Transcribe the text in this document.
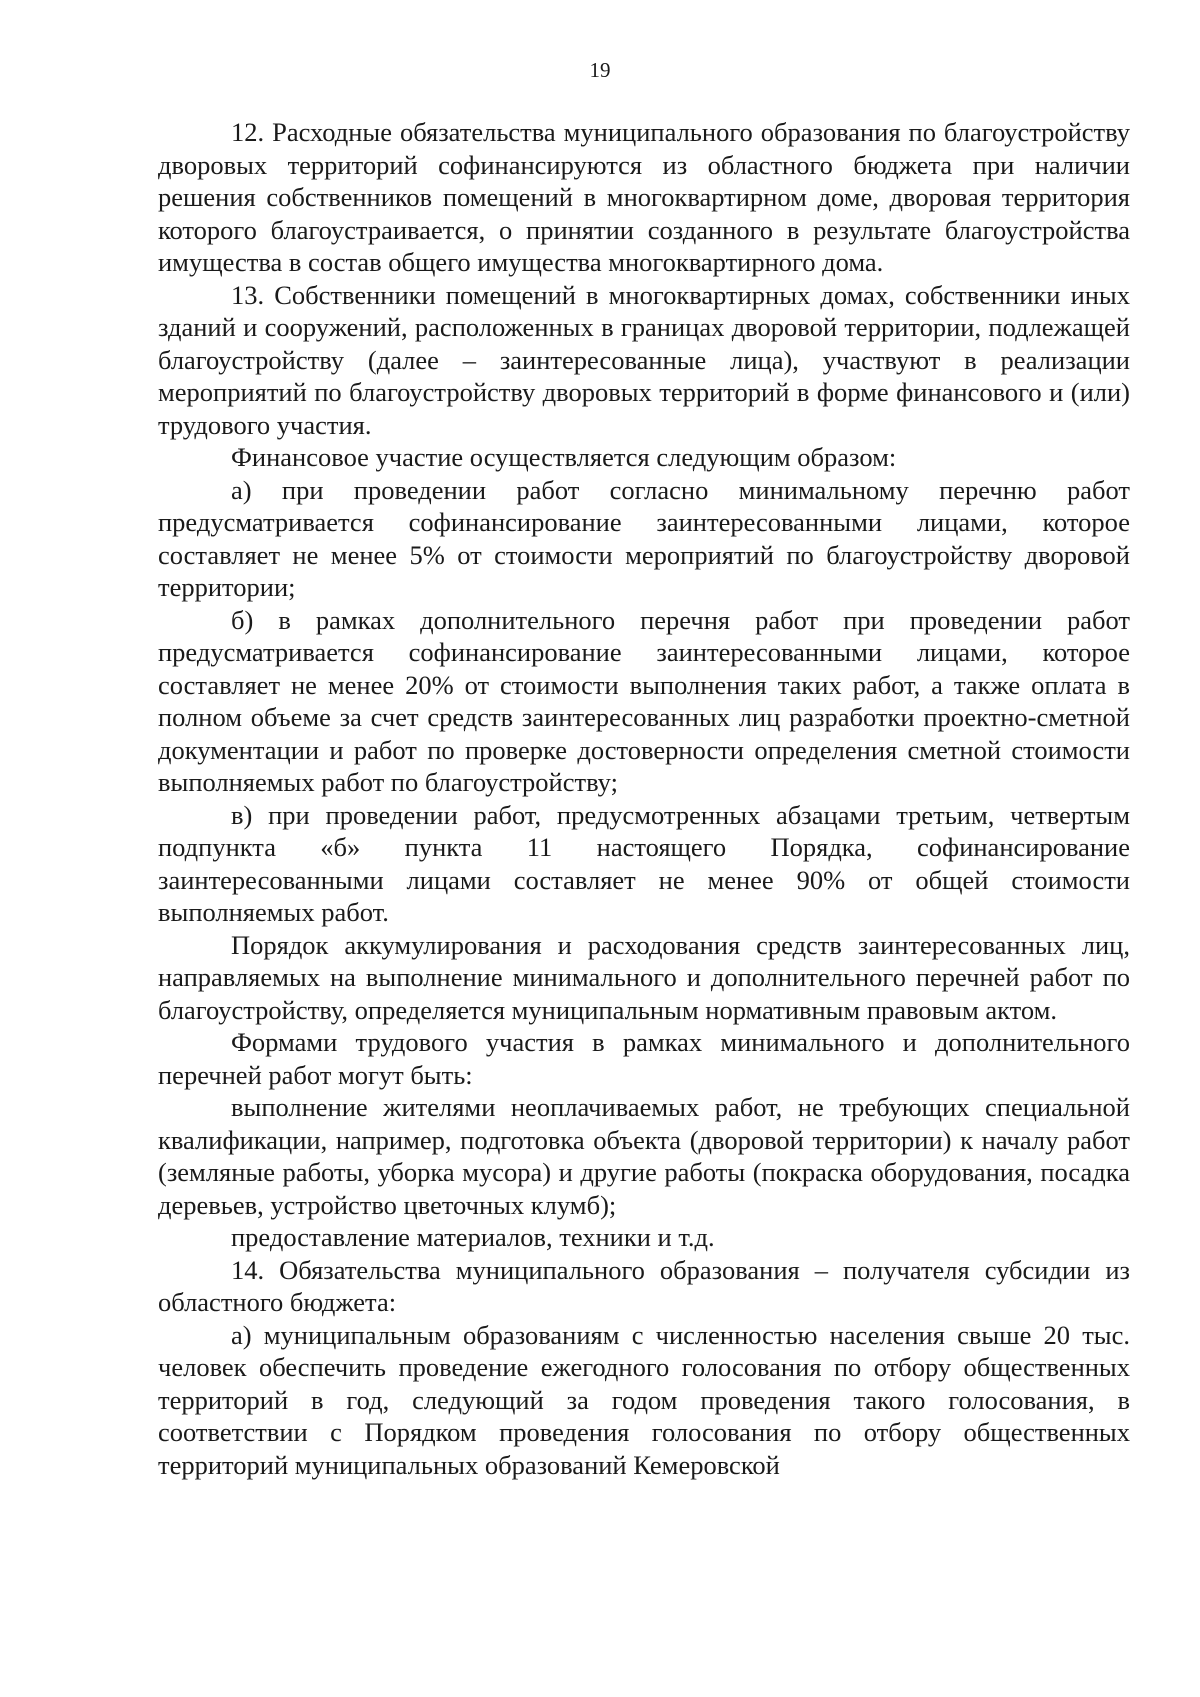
19

12. Расходные обязательства муниципального образования по благоустройству дворовых территорий софинансируются из областного бюджета при наличии решения собственников помещений в многоквартирном доме, дворовая территория которого благоустраивается, о принятии созданного в результате благоустройства имущества в состав общего имущества многоквартирного дома.

13. Собственники помещений в многоквартирных домах, собственники иных зданий и сооружений, расположенных в границах дворовой территории, подлежащей благоустройству (далее – заинтересованные лица), участвуют в реализации мероприятий по благоустройству дворовых территорий в форме финансового и (или) трудового участия.

Финансовое участие осуществляется следующим образом:

а) при проведении работ согласно минимальному перечню работ предусматривается софинансирование заинтересованными лицами, которое составляет не менее 5% от стоимости мероприятий по благоустройству дворовой территории;

б) в рамках дополнительного перечня работ при проведении работ предусматривается софинансирование заинтересованными лицами, которое составляет не менее 20% от стоимости выполнения таких работ, а также оплата в полном объеме за счет средств заинтересованных лиц разработки проектно-сметной документации и работ по проверке достоверности определения сметной стоимости выполняемых работ по благоустройству;

в) при проведении работ, предусмотренных абзацами третьим, четвертым подпункта «б» пункта 11 настоящего Порядка, софинансирование заинтересованными лицами составляет не менее 90% от общей стоимости выполняемых работ.

Порядок аккумулирования и расходования средств заинтересованных лиц, направляемых на выполнение минимального и дополнительного перечней работ по благоустройству, определяется муниципальным нормативным правовым актом.

Формами трудового участия в рамках минимального и дополнительного перечней работ могут быть:

выполнение жителями неоплачиваемых работ, не требующих специальной квалификации, например, подготовка объекта (дворовой территории) к началу работ (земляные работы, уборка мусора) и другие работы (покраска оборудования, посадка деревьев, устройство цветочных клумб);

предоставление материалов, техники и т.д.

14. Обязательства муниципального образования – получателя субсидии из областного бюджета:

а) муниципальным образованиям с численностью населения свыше 20 тыс. человек обеспечить проведение ежегодного голосования по отбору общественных территорий в год, следующий за годом проведения такого голосования, в соответствии с Порядком проведения голосования по отбору общественных территорий муниципальных образований Кемеровской
